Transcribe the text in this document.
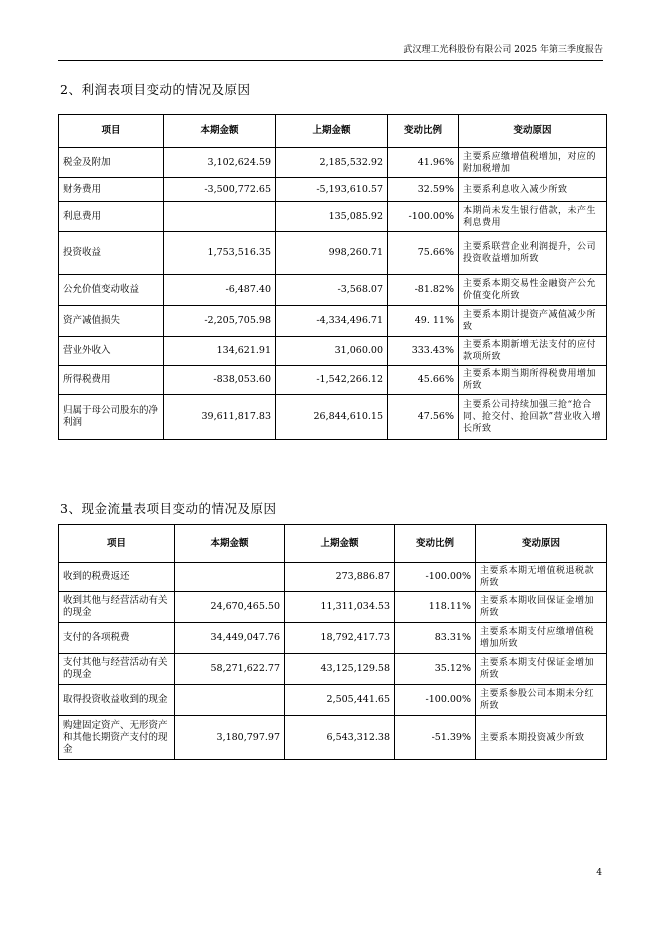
武汉理工光科股份有限公司 2025 年第三季度报告
2、利润表项目变动的情况及原因
项目	本期金额	上期金额	变动比例	变动原因
税金及附加	3,102,624.59	2,185,532.92	41.96%	主要系应缴增值税增加，对应的附加税增加
财务费用	-3,500,772.65	-5,193,610.57	32.59%	主要系利息收入减少所致
利息费用		135,085.92	-100.00%	本期尚未发生银行借款，未产生利息费用
投资收益	1,753,516.35	998,260.71	75.66%	主要系联营企业利润提升，公司投资收益增加所致
公允价值变动收益	-6,487.40	-3,568.07	-81.82%	主要系本期交易性金融资产公允价值变化所致
资产减值损失	-2,205,705.98	-4,334,496.71	49. 11%	主要系本期计提资产减值减少所致
营业外收入	134,621.91	31,060.00	333.43%	主要系本期新增无法支付的应付款项所致
所得税费用	-838,053.60	-1,542,266.12	45.66%	主要系本期当期所得税费用增加所致
归属于母公司股东的净利润	39,611,817.83	26,844,610.15	47.56%	主要系公司持续加强三抢“抢合同、抢交付、抢回款”营业收入增长所致
3、现金流量表项目变动的情况及原因
项目	本期金额	上期金额	变动比例	变动原因
收到的税费返还		273,886.87	-100.00%	主要系本期无增值税退税款所致
收到其他与经营活动有关的现金	24,670,465.50	11,311,034.53	118.11%	主要系本期收回保证金增加所致
支付的各项税费	34,449,047.76	18,792,417.73	83.31%	主要系本期支付应缴增值税增加所致
支付其他与经营活动有关的现金	58,271,622.77	43,125,129.58	35.12%	主要系本期支付保证金增加所致
取得投资收益收到的现金		2,505,441.65	-100.00%	主要系参股公司本期未分红所致
购建固定资产、无形资产和其他长期资产支付的现金	3,180,797.97	6,543,312.38	-51.39%	主要系本期投资减少所致
4
